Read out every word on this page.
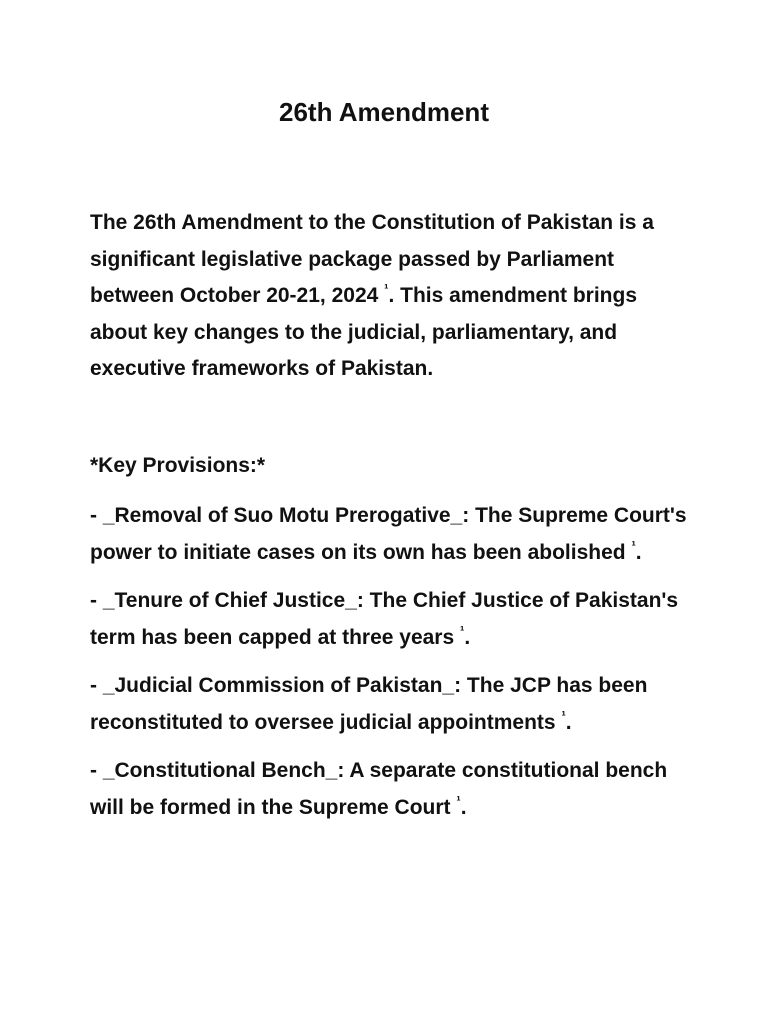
26th Amendment

The 26th Amendment to the Constitution of Pakistan is a significant legislative package passed by Parliament between October 20-21, 2024 $^{^1}$. This amendment brings about key changes to the judicial, parliamentary, and executive frameworks of Pakistan.

*Key Provisions:*

- _Removal of Suo Motu Prerogative_: The Supreme Court's power to initiate cases on its own has been abolished $^{^1}$.
- _Tenure of Chief Justice_: The Chief Justice of Pakistan's term has been capped at three years $^{^1}$.
- _Judicial Commission of Pakistan_: The JCP has been reconstituted to oversee judicial appointments $^{^1}$.
- _Constitutional Bench_: A separate constitutional bench will be formed in the Supreme Court $^{^1}$.
